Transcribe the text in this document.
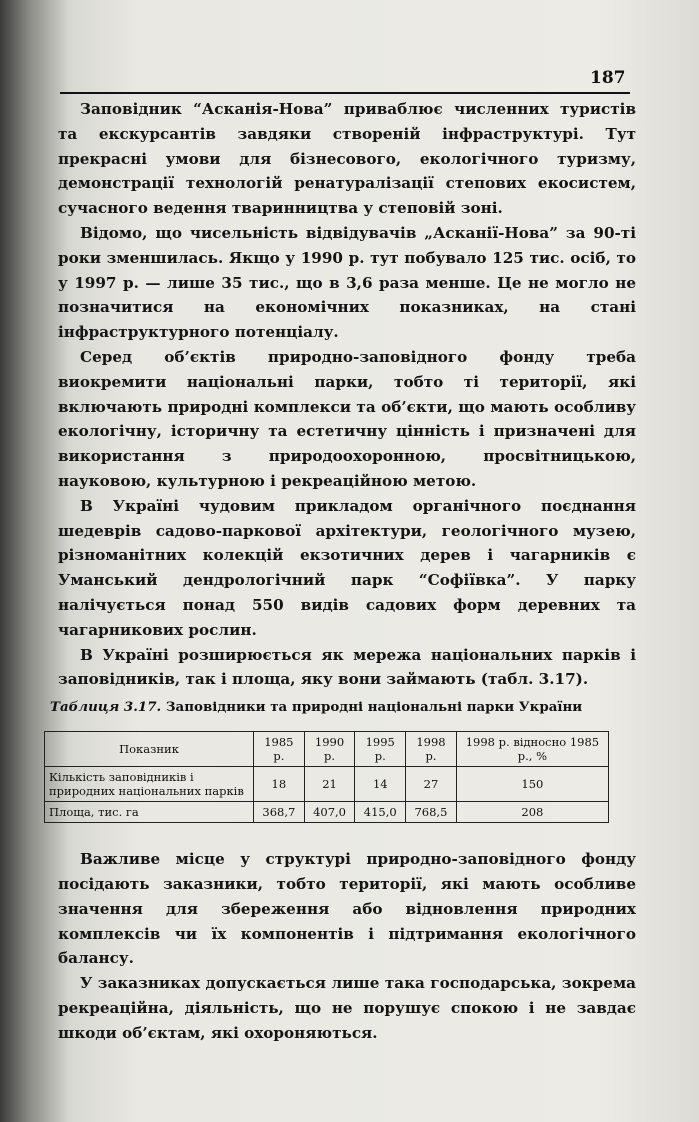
187

Заповідник “Асканія-Нова” приваблює численних туристів та екскурсантів завдяки створеній інфраструктурі. Тут прекрасні умови для бізнесового, екологічного туризму, демонстрації технологій ренатуралізації степових екосистем, сучасного ведення тваринництва у степовій зоні.

Відомо, що чисельність відвідувачів „Асканії-Нова” за 90-ті роки зменшилась. Якщо у 1990 р. тут побувало 125 тис. осіб, то у 1997 р. — лише 35 тис., що в 3,6 раза менше. Це не могло не позначитися на економічних показниках, на стані інфраструктурного потенціалу.

Серед об’єктів природно-заповідного фонду треба виокремити національні парки, тобто ті території, які включають природні комплекси та об’єкти, що мають особливу екологічну, історичну та естетичну цінність і призначені для використання з природоохоронною, просвітницькою, науковою, культурною і рекреаційною метою.

В Україні чудовим прикладом органічного поєднання шедеврів садово-паркової архітектури, геологічного музею, різноманітних колекцій екзотичних дерев і чагарників є Уманський дендрологічний парк “Софіївка”. У парку налічується понад 550 видів садових форм деревних та чагарникових рослин.

В Україні розширюється як мережа національних парків і заповідників, так і площа, яку вони займають (табл. 3.17).

Таблиця 3.17. Заповідники та природні національні парки України
Показник	1985 р.	1990 р.	1995 р.	1998 р.	1998 р. відносно 1985 р., %
Кількість заповідників і природних національних парків	18	21	14	27	150
Площа, тис. га	368,7	407,0	415,0	768,5	208

Важливе місце у структурі природно-заповідного фонду посідають заказники, тобто території, які мають особливе значення для збереження або відновлення природних комплексів чи їх компонентів і підтримання екологічного балансу.

У заказниках допускається лише така господарська, зокрема рекреаційна, діяльність, що не порушує спокою і не завдає шкоди об’єктам, які охороняються.
